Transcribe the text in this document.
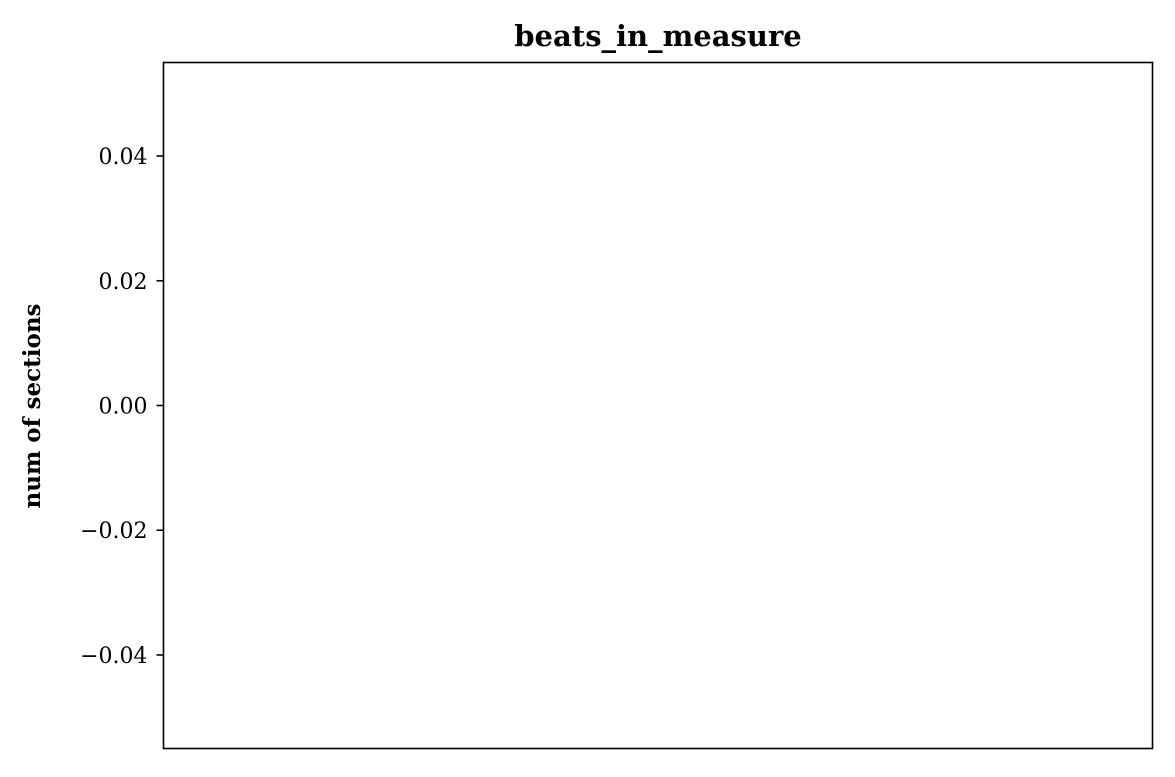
beats_in_measure
num of sections
0.04
0.02
0.00
−0.02
−0.04
